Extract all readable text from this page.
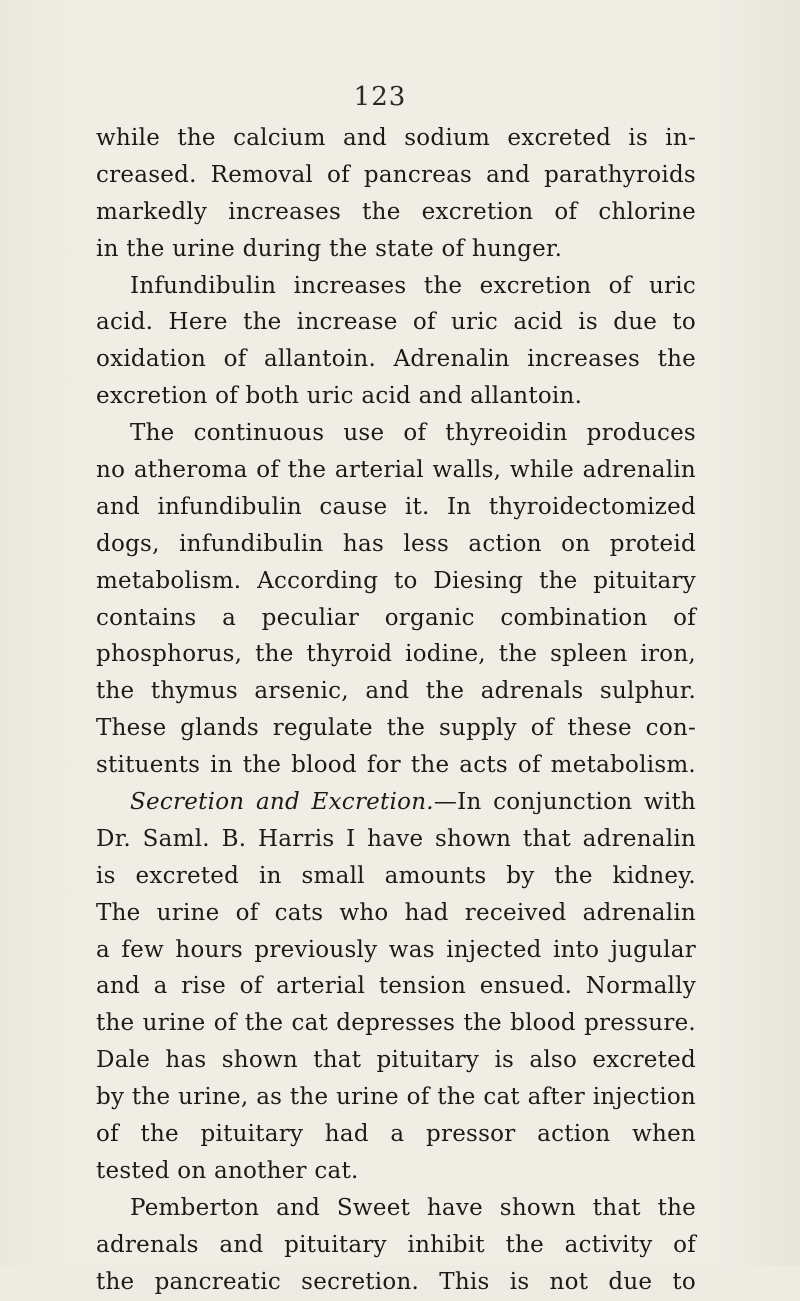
123
while the calcium and sodium excreted is in-
creased. Removal of pancreas and parathyroids
markedly increases the excretion of chlorine
in the urine during the state of hunger.
Infundibulin increases the excretion of uric
acid. Here the increase of uric acid is due to
oxidation of allantoin. Adrenalin increases the
excretion of both uric acid and allantoin.
The continuous use of thyreoidin produces
no atheroma of the arterial walls, while adrenalin
and infundibulin cause it. In thyroidectomized
dogs, infundibulin has less action on proteid
metabolism. According to Diesing the pituitary
contains a peculiar organic combination of
phosphorus, the thyroid iodine, the spleen iron,
the thymus arsenic, and the adrenals sulphur.
These glands regulate the supply of these con-
stituents in the blood for the acts of metabolism.
Secretion and Excretion.—In conjunction with
Dr. Saml. B. Harris I have shown that adrenalin
is excreted in small amounts by the kidney.
The urine of cats who had received adrenalin
a few hours previously was injected into jugular
and a rise of arterial tension ensued. Normally
the urine of the cat depresses the blood pressure.
Dale has shown that pituitary is also excreted
by the urine, as the urine of the cat after injection
of the pituitary had a pressor action when
tested on another cat.
Pemberton and Sweet have shown that the
adrenals and pituitary inhibit the activity of
the pancreatic secretion. This is not due to
